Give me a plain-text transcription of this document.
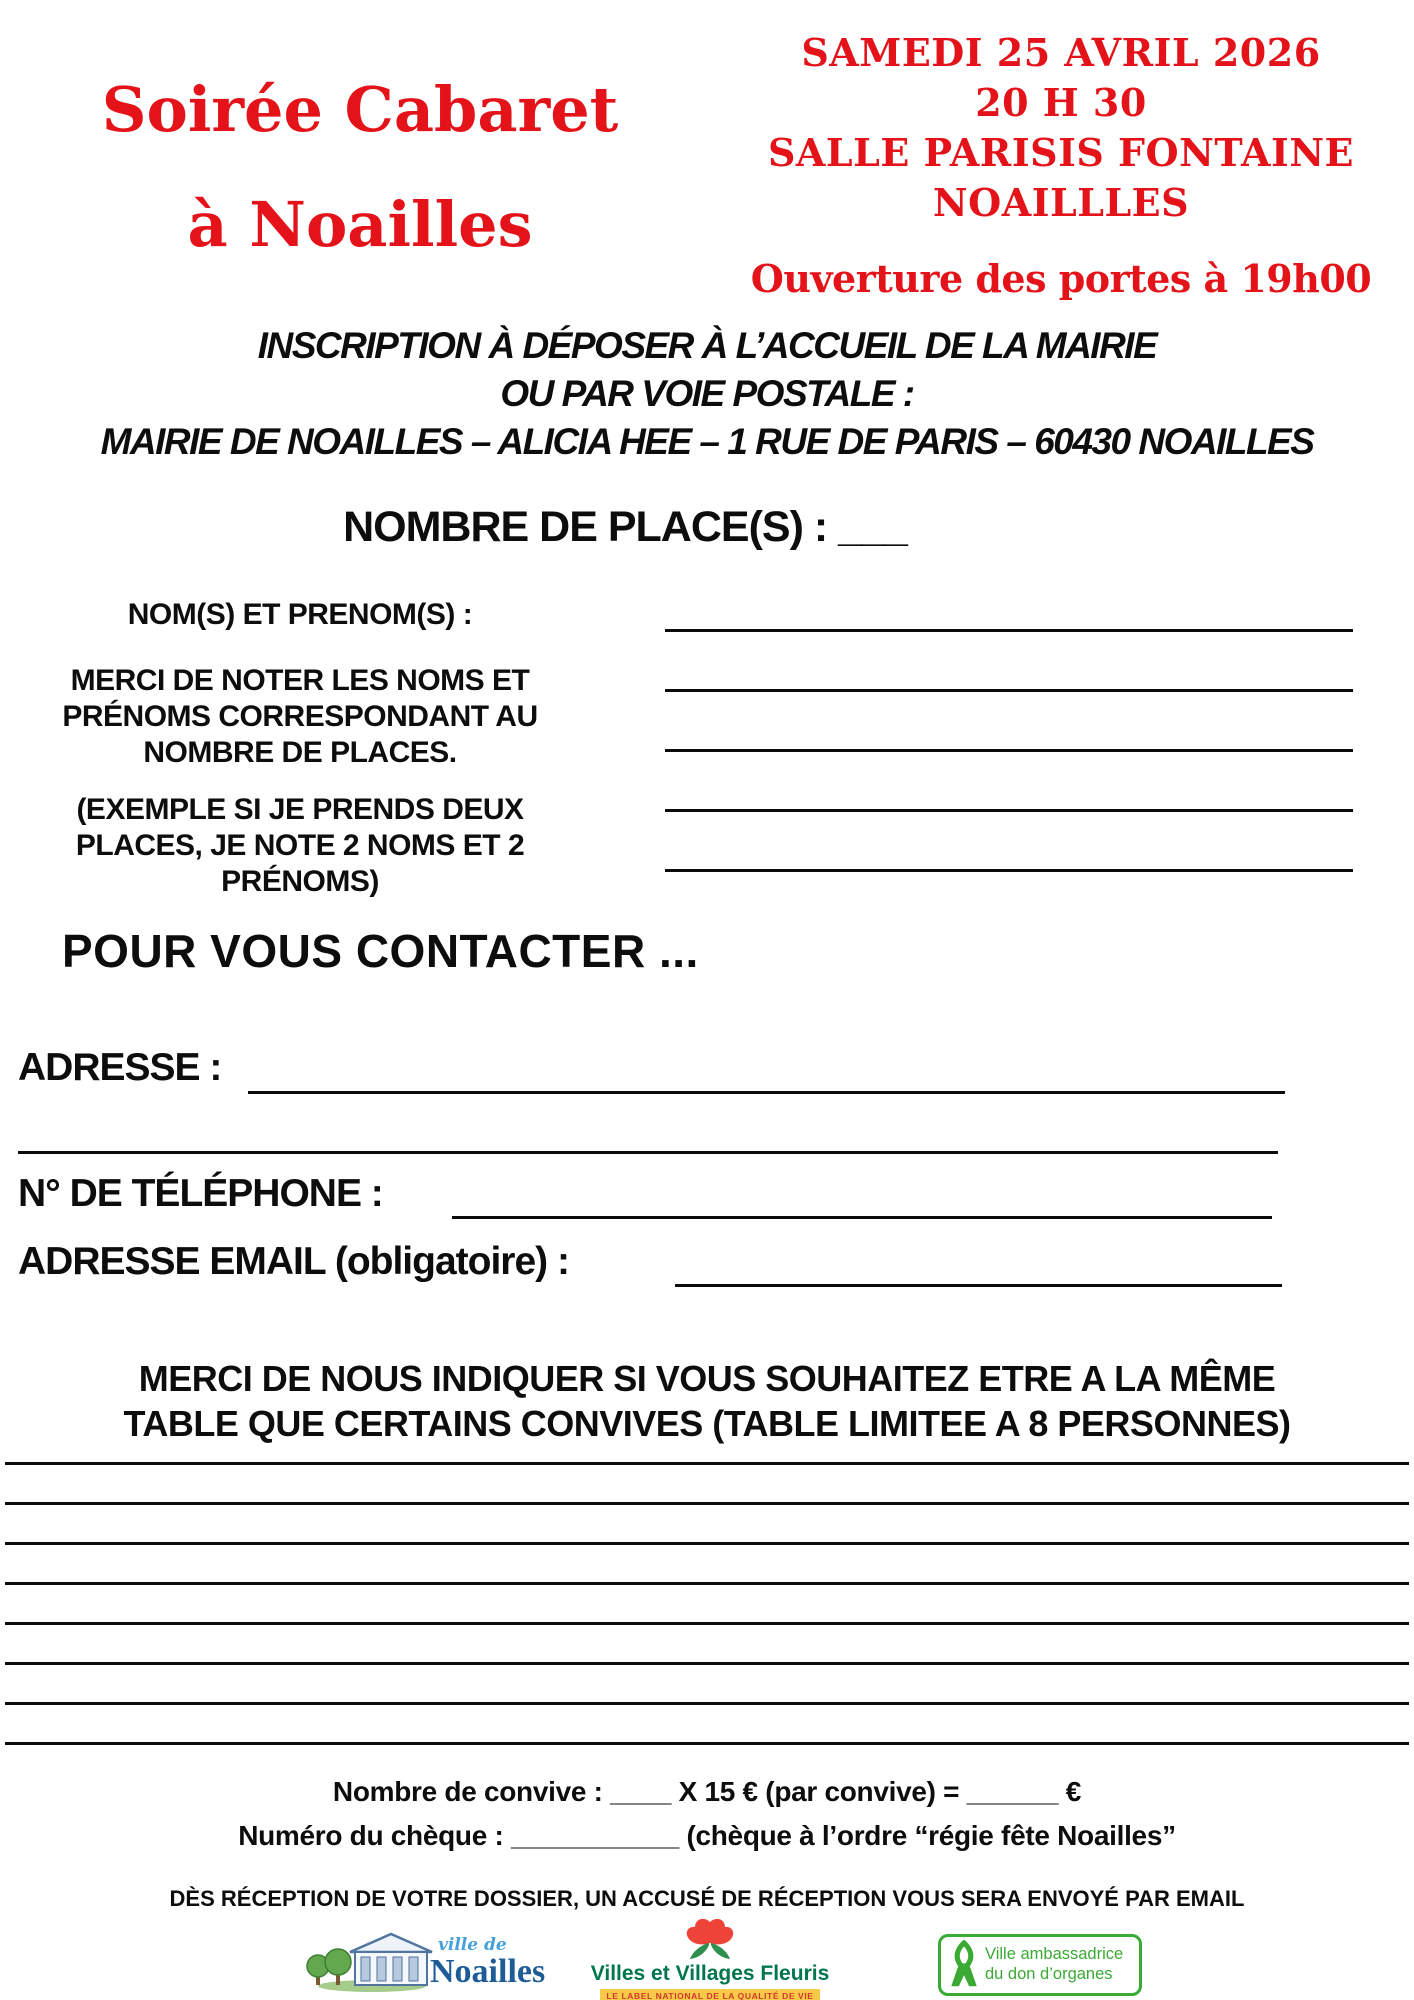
Soirée Cabaret
à Noailles
SAMEDI 25 AVRIL 2026
20 H 30
SALLE PARISIS FONTAINE
NOAILLLES
Ouverture des portes à 19h00
INSCRIPTION À DÉPOSER À L’ACCUEIL DE LA MAIRIE
OU PAR VOIE POSTALE :
MAIRIE DE NOAILLES – ALICIA HEE – 1 RUE DE PARIS – 60430 NOAILLES
NOMBRE DE PLACE(S) : ___
NOM(S) ET PRENOM(S) :
MERCI DE NOTER LES NOMS ET
PRÉNOMS CORRESPONDANT AU
NOMBRE DE PLACES.
(EXEMPLE SI JE PRENDS DEUX
PLACES, JE NOTE 2 NOMS ET 2
PRÉNOMS)
POUR VOUS CONTACTER ...
ADRESSE :
N° DE TÉLÉPHONE :
ADRESSE EMAIL (obligatoire) :
MERCI DE NOUS INDIQUER SI VOUS SOUHAITEZ ETRE A LA MÊME
TABLE QUE CERTAINS CONVIVES (TABLE LIMITEE A 8 PERSONNES)
Nombre de convive : ____ X 15 € (par convive) = ______ €
Numéro du chèque : ___________ (chèque à l’ordre “régie fête Noailles”
DÈS RÉCEPTION DE VOTRE DOSSIER, UN ACCUSÉ DE RÉCEPTION VOUS SERA ENVOYÉ PAR EMAIL
ville de
Noailles Villes et Villages Fleuris
LE LABEL NATIONAL DE LA QUALITÉ DE VIE
Ville ambassadrice
du don d’organes
